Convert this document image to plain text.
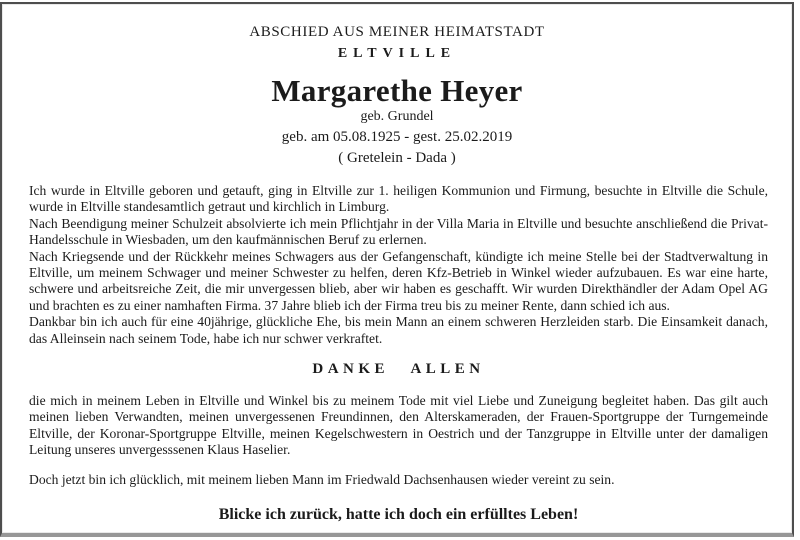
ABSCHIED AUS MEINER HEIMATSTADT
ELTVILLE
Margarethe Heyer
geb. Grundel
geb. am 05.08.1925 - gest. 25.02.2019
( Gretelein - Dada )

Ich wurde in Eltville geboren und getauft, ging in Eltville zur 1. heiligen Kommunion und Firmung, besuchte in Eltville die Schule, wurde in Eltville standesamtlich getraut und kirchlich in Limburg.

Nach Beendigung meiner Schulzeit absolvierte ich mein Pflichtjahr in der Villa Maria in Eltville und besuchte anschließend die Privat-Handelsschule in Wiesbaden, um den kaufmännischen Beruf zu erlernen.

Nach Kriegsende und der Rückkehr meines Schwagers aus der Gefangenschaft, kündigte ich meine Stelle bei der Stadtverwaltung in Eltville, um meinem Schwager und meiner Schwester zu helfen, deren Kfz-Betrieb in Winkel wieder aufzubauen. Es war eine harte, schwere und arbeitsreiche Zeit, die mir unvergessen blieb, aber wir haben es geschafft. Wir wurden Direkthändler der Adam Opel AG und brachten es zu einer namhaften Firma. 37 Jahre blieb ich der Firma treu bis zu meiner Rente, dann schied ich aus.

Dankbar bin ich auch für eine 40jährige, glückliche Ehe, bis mein Mann an einem schweren Herzleiden starb. Die Einsamkeit danach, das Alleinsein nach seinem Tode, habe ich nur schwer verkraftet.

DANKE ALLEN

die mich in meinem Leben in Eltville und Winkel bis zu meinem Tode mit viel Liebe und Zuneigung begleitet haben. Das gilt auch meinen lieben Verwandten, meinen unvergessenen Freundinnen, den Alterskameraden, der Frauen-Sportgruppe der Turngemeinde Eltville, der Koronar-Sportgruppe Eltville, meinen Kegelschwestern in Oestrich und der Tanzgruppe in Eltville unter der damaligen Leitung unseres unvergesssenen Klaus Haselier.

Doch jetzt bin ich glücklich, mit meinem lieben Mann im Friedwald Dachsenhausen wieder vereint zu sein.

Blicke ich zurück, hatte ich doch ein erfülltes Leben!
